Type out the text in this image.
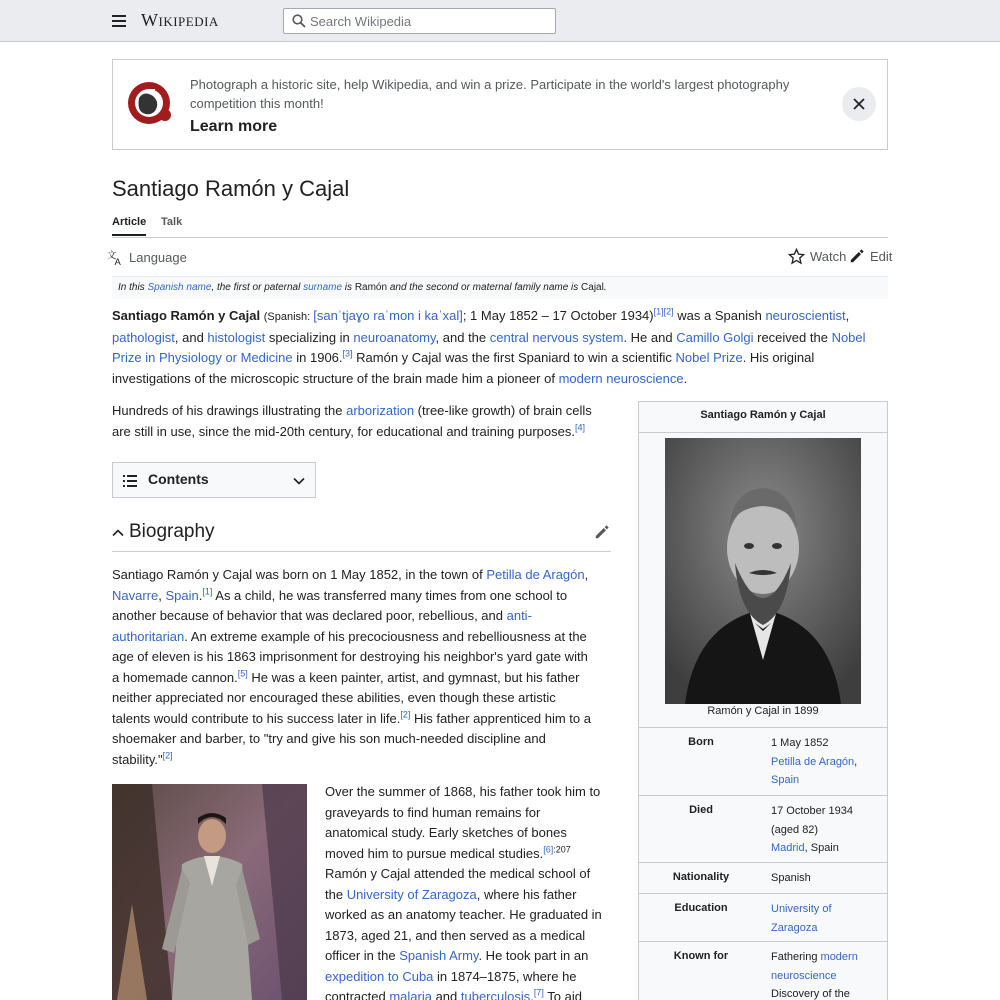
Wikipedia
Search Wikipedia
Photograph a historic site, help Wikipedia, and win a prize. Participate in the world's largest photography competition this month!
Learn more
Santiago Ramón y Cajal
Article Talk
文
A Language	Watch Edit
In this Spanish name, the first or paternal surname is Ramón and the second or maternal family name is Cajal.
Santiago Ramón y Cajal (Spanish: [sanˈtjaɣo raˈmon i kaˈxal]; 1 May 1852 – 17 October 1934)[1][2] was a Spanish neuroscientist,
pathologist, and histologist specializing in neuroanatomy, and the central nervous system. He and Camillo Golgi received the Nobel
Prize in Physiology or Medicine in 1906.[3] Ramón y Cajal was the first Spaniard to win a scientific Nobel Prize. His original
investigations of the microscopic structure of the brain made him a pioneer of modern neuroscience.
Hundreds of his drawings illustrating the arborization (tree-like growth) of brain cells
are still in use, since the mid-20th century, for educational and training purposes.[4]
Contents
Biography
Santiago Ramón y Cajal was born on 1 May 1852, in the town of Petilla de Aragón,
Navarre, Spain.[1] As a child, he was transferred many times from one school to
another because of behavior that was declared poor, rebellious, and anti-
authoritarian. An extreme example of his precociousness and rebelliousness at the
age of eleven is his 1863 imprisonment for destroying his neighbor's yard gate with
a homemade cannon.[5] He was a keen painter, artist, and gymnast, but his father
neither appreciated nor encouraged these abilities, even though these artistic
talents would contribute to his success later in life.[2] His father apprenticed him to a
shoemaker and barber, to "try and give his son much-needed discipline and
stability."[2]
Over the summer of 1868, his father took him to
graveyards to find human remains for
anatomical study. Early sketches of bones
moved him to pursue medical studies.$^{[6]:207}$
Ramón y Cajal attended the medical school of
the University of Zaragoza, where his father
worked as an anatomy teacher. He graduated in
1873, aged 21, and then served as a medical
officer in the Spanish Army. He took part in an
expedition to Cuba in 1874–1875, where he
contracted malaria and tuberculosis.[7] To aid
Santiago Ramón y Cajal
Ramón y Cajal in 1899
Born	1 May 1852
Petilla de Aragón,
Spain
Died	17 October 1934
(aged 82)
Madrid, Spain
Nationality	Spanish
Education	University of
Zaragoza
Known for	Fathering modern
neuroscience
Discovery of the
